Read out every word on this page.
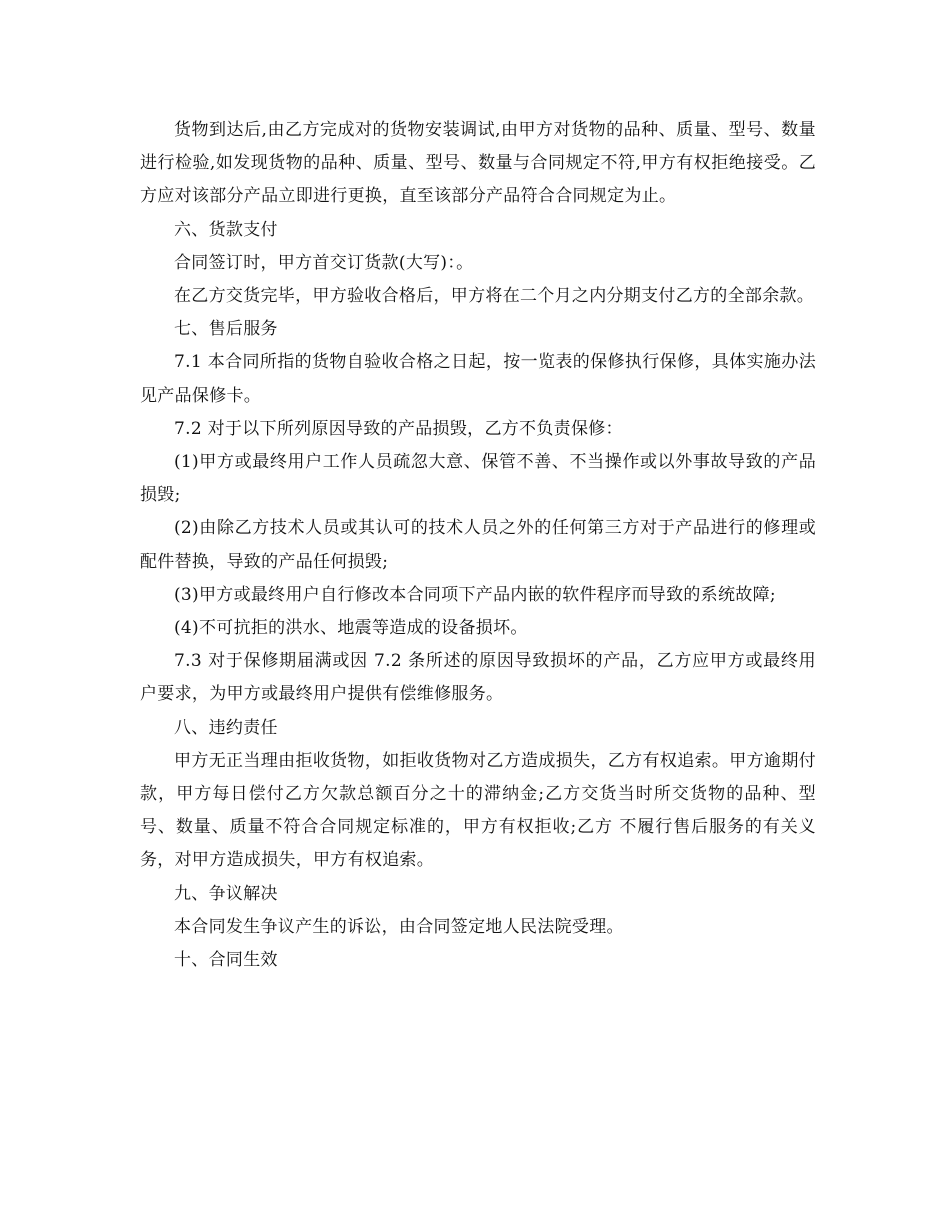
货物到达后,由乙方完成对的货物安装调试,由甲方对货物的品种、质量、型号、数量进行检验,如发现货物的品种、质量、型号、数量与合同规定不符,甲方有权拒绝接受。乙方应对该部分产品立即进行更换，直至该部分产品符合合同规定为止。

六、货款支付

合同签订时，甲方首交订货款(大写)：。

在乙方交货完毕，甲方验收合格后，甲方将在二个月之内分期支付乙方的全部余款。

七、售后服务

7.1 本合同所指的货物自验收合格之日起，按一览表的保修执行保修，具体实施办法见产品保修卡。

7.2 对于以下所列原因导致的产品损毁，乙方不负责保修：

(1)甲方或最终用户工作人员疏忽大意、保管不善、不当操作或以外事故导致的产品损毁;

(2)由除乙方技术人员或其认可的技术人员之外的任何第三方对于产品进行的修理或配件替换，导致的产品任何损毁;

(3)甲方或最终用户自行修改本合同项下产品内嵌的软件程序而导致的系统故障;

(4)不可抗拒的洪水、地震等造成的设备损坏。

7.3 对于保修期届满或因 7.2 条所述的原因导致损坏的产品，乙方应甲方或最终用户要求，为甲方或最终用户提供有偿维修服务。

八、违约责任

甲方无正当理由拒收货物，如拒收货物对乙方造成损失，乙方有权追索。甲方逾期付款，甲方每日偿付乙方欠款总额百分之十的滞纳金;乙方交货当时所交货物的品种、型号、数量、质量不符合合同规定标准的，甲方有权拒收;乙方 不履行售后服务的有关义务，对甲方造成损失，甲方有权追索。

九、争议解决

本合同发生争议产生的诉讼，由合同签定地人民法院受理。

十、合同生效
